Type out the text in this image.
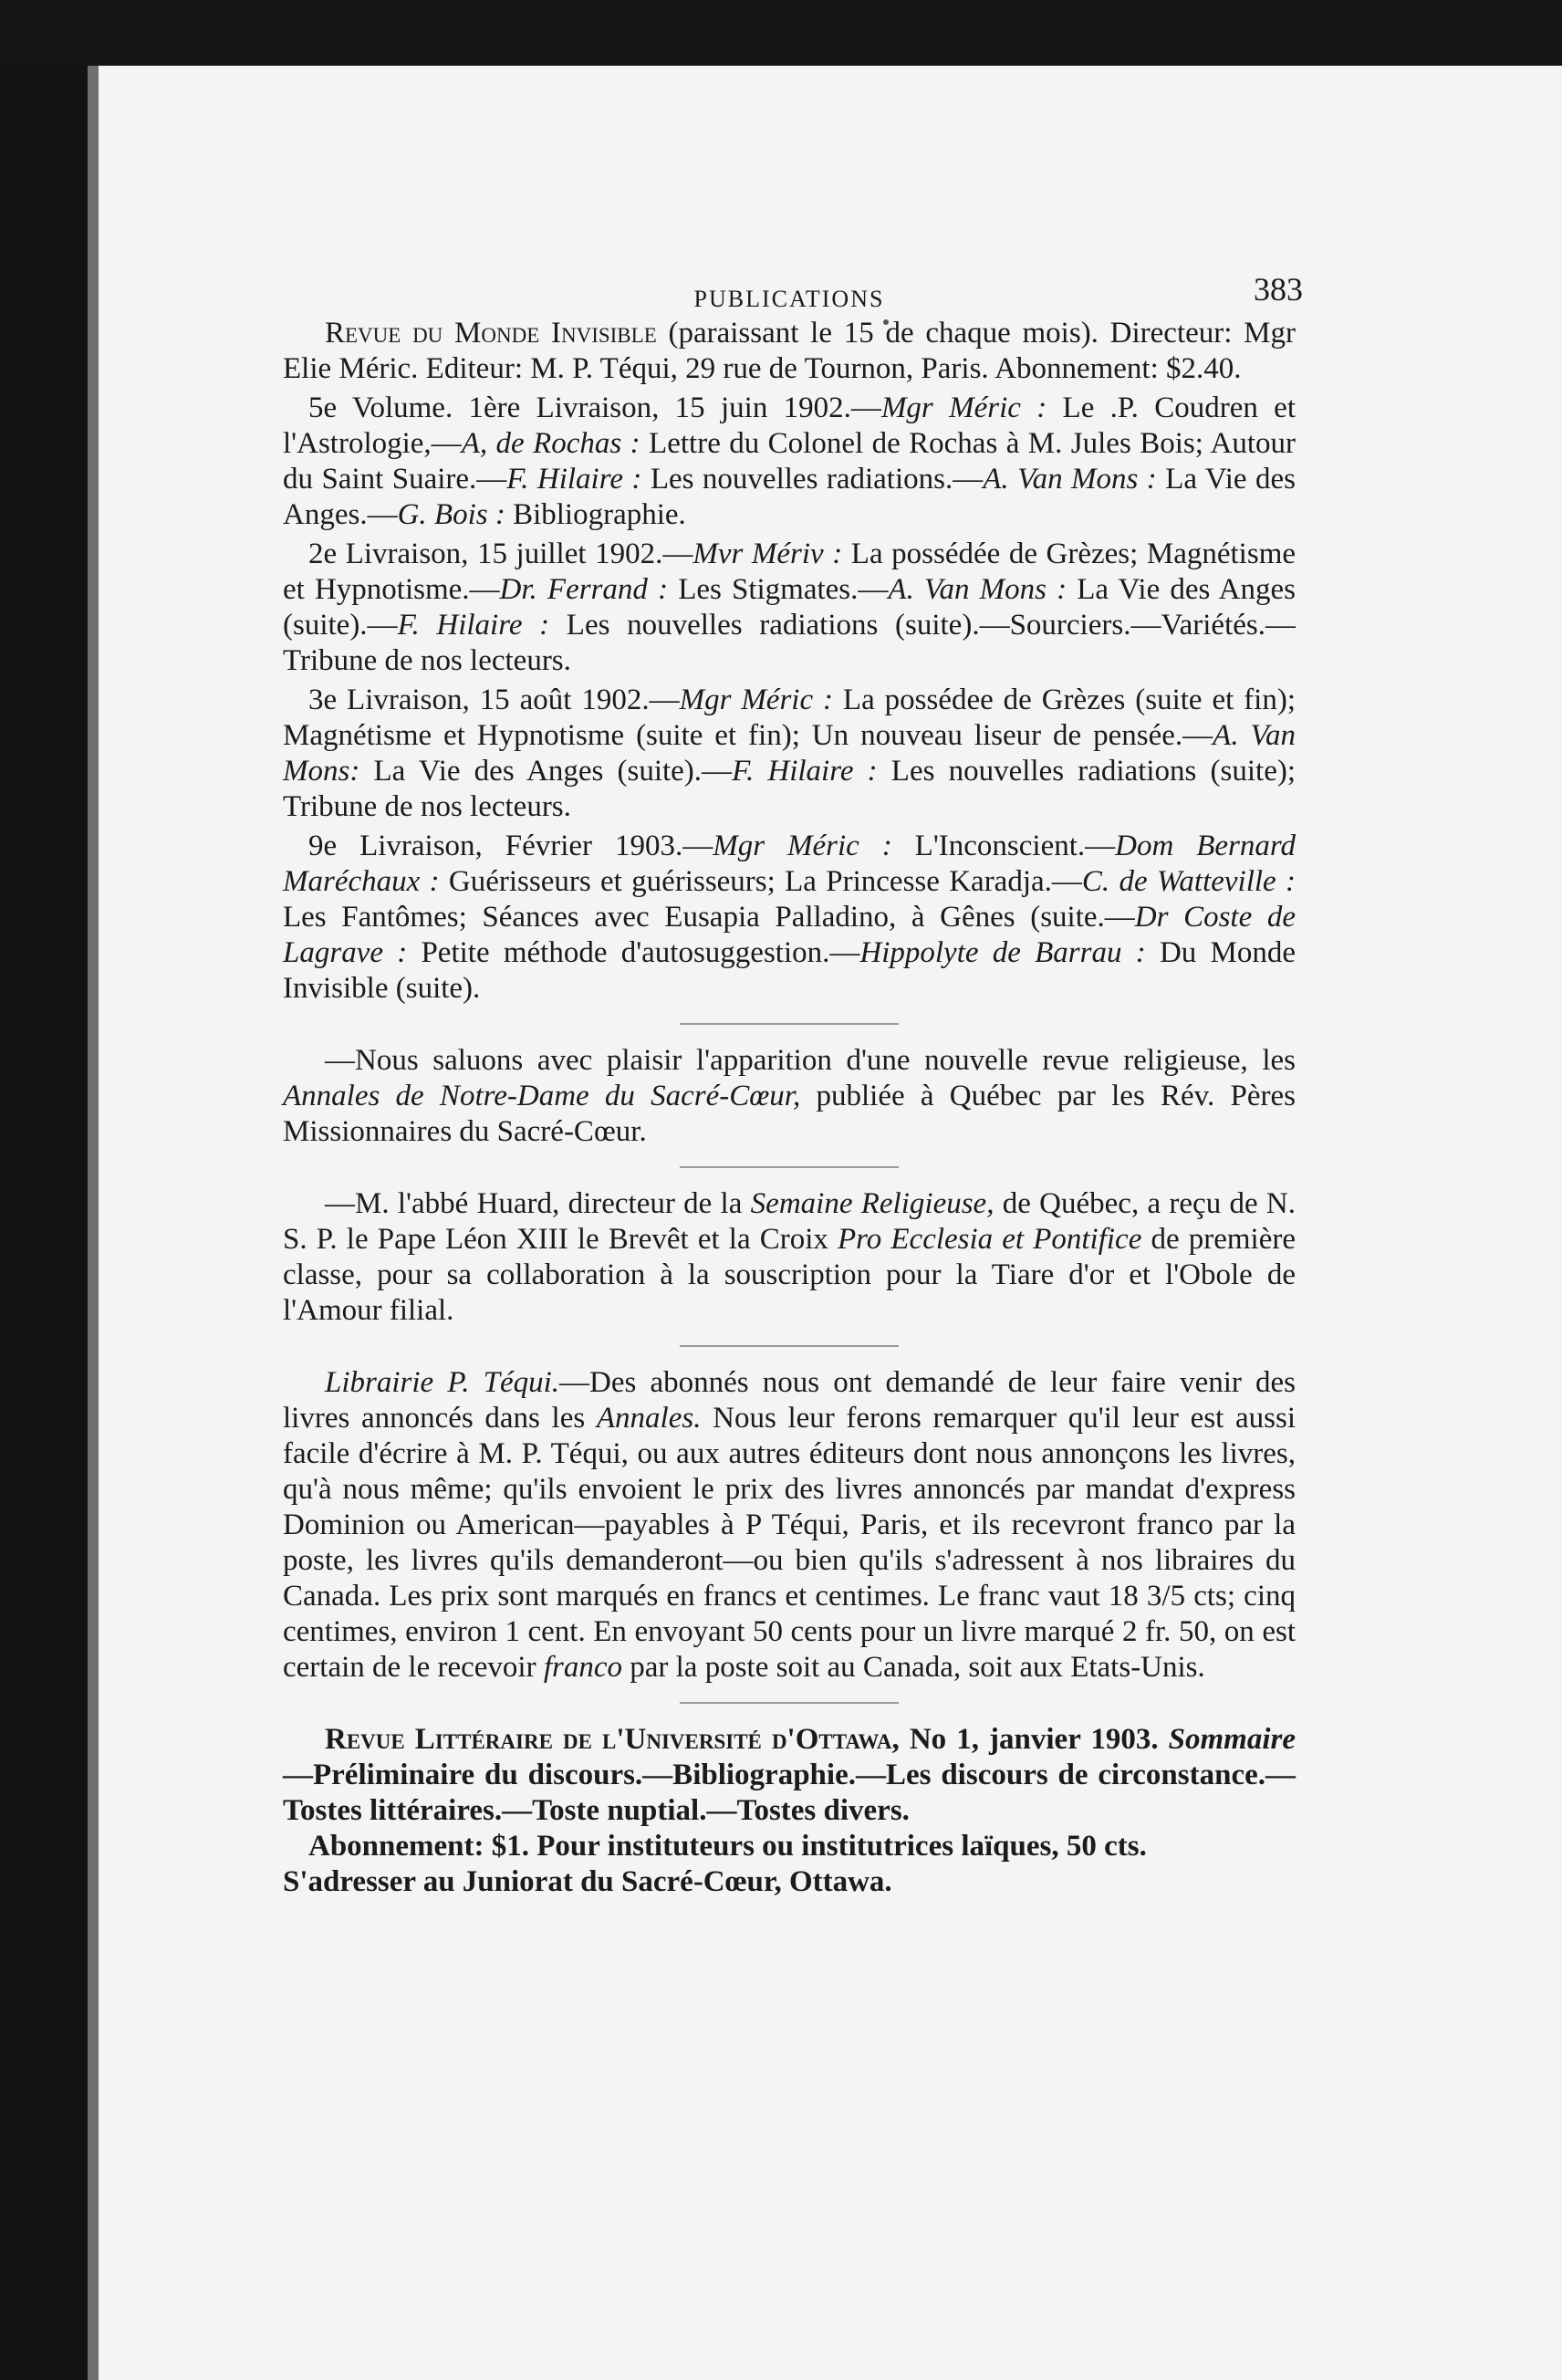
PUBLICATIONS	383

Revue du Monde Invisible (paraissant le 15 de chaque mois). Directeur: Mgr Elie Méric. Editeur: M. P. Téqui, 29 rue de Tournon, Paris. Abonnement: $2.40.

5e Volume. 1ère Livraison, 15 juin 1902.—Mgr Méric : Le .P. Coudren et l'Astrologie,—A, de Rochas : Lettre du Colonel de Rochas à M. Jules Bois; Autour du Saint Suaire.—F. Hilaire : Les nouvelles radiations.—A. Van Mons : La Vie des Anges.—G. Bois : Bibliographie.

2e Livraison, 15 juillet 1902.—Mvr Mériv : La possédée de Grèzes; Magnétisme et Hypnotisme.—Dr. Ferrand : Les Stigmates.—A. Van Mons : La Vie des Anges (suite).—F. Hilaire : Les nouvelles radiations (suite).—Sourciers.—Variétés.—Tribune de nos lecteurs.

3e Livraison, 15 août 1902.—Mgr Méric : La possédee de Grèzes (suite et fin); Magnétisme et Hypnotisme (suite et fin); Un nouveau liseur de pensée.—A. Van Mons: La Vie des Anges (suite).—F. Hilaire : Les nouvelles radiations (suite); Tribune de nos lecteurs.

9e Livraison, Février 1903.—Mgr Méric : L'Inconscient.—Dom Bernard Maréchaux : Guérisseurs et guérisseurs; La Princesse Karadja.—C. de Watteville : Les Fantômes; Séances avec Eusapia Palladino, à Gênes (suite.—Dr Coste de Lagrave : Petite méthode d'autosuggestion.—Hippolyte de Barrau : Du Monde Invisible (suite).

—Nous saluons avec plaisir l'apparition d'une nouvelle revue religieuse, les Annales de Notre-Dame du Sacré-Cœur, publiée à Québec par les Rév. Pères Missionnaires du Sacré-Cœur.

—M. l'abbé Huard, directeur de la Semaine Religieuse, de Québec, a reçu de N. S. P. le Pape Léon XIII le Brevêt et la Croix Pro Ecclesia et Pontifice de première classe, pour sa collaboration à la souscription pour la Tiare d'or et l'Obole de l'Amour filial.

Librairie P. Téqui.—Des abonnés nous ont demandé de leur faire venir des livres annoncés dans les Annales. Nous leur ferons remarquer qu'il leur est aussi facile d'écrire à M. P. Téqui, ou aux autres éditeurs dont nous annonçons les livres, qu'à nous même; qu'ils envoient le prix des livres annoncés par mandat d'express Dominion ou American—payables à P Téqui, Paris, et ils recevront franco par la poste, les livres qu'ils demanderont—ou bien qu'ils s'adressent à nos libraires du Canada. Les prix sont marqués en francs et centimes. Le franc vaut 18 3/5 cts; cinq centimes, environ 1 cent. En envoyant 50 cents pour un livre marqué 2 fr. 50, on est certain de le recevoir franco par la poste soit au Canada, soit aux Etats-Unis.

Revue Littéraire de l'Université d'Ottawa, No 1, janvier 1903. Sommaire—Préliminaire du discours.—Bibliographie.—Les discours de circonstance.—Tostes littéraires.—Toste nuptial.—Tostes divers.

Abonnement: $1. Pour instituteurs ou institutrices laïques, 50 cts.

S'adresser au Juniorat du Sacré-Cœur, Ottawa.
